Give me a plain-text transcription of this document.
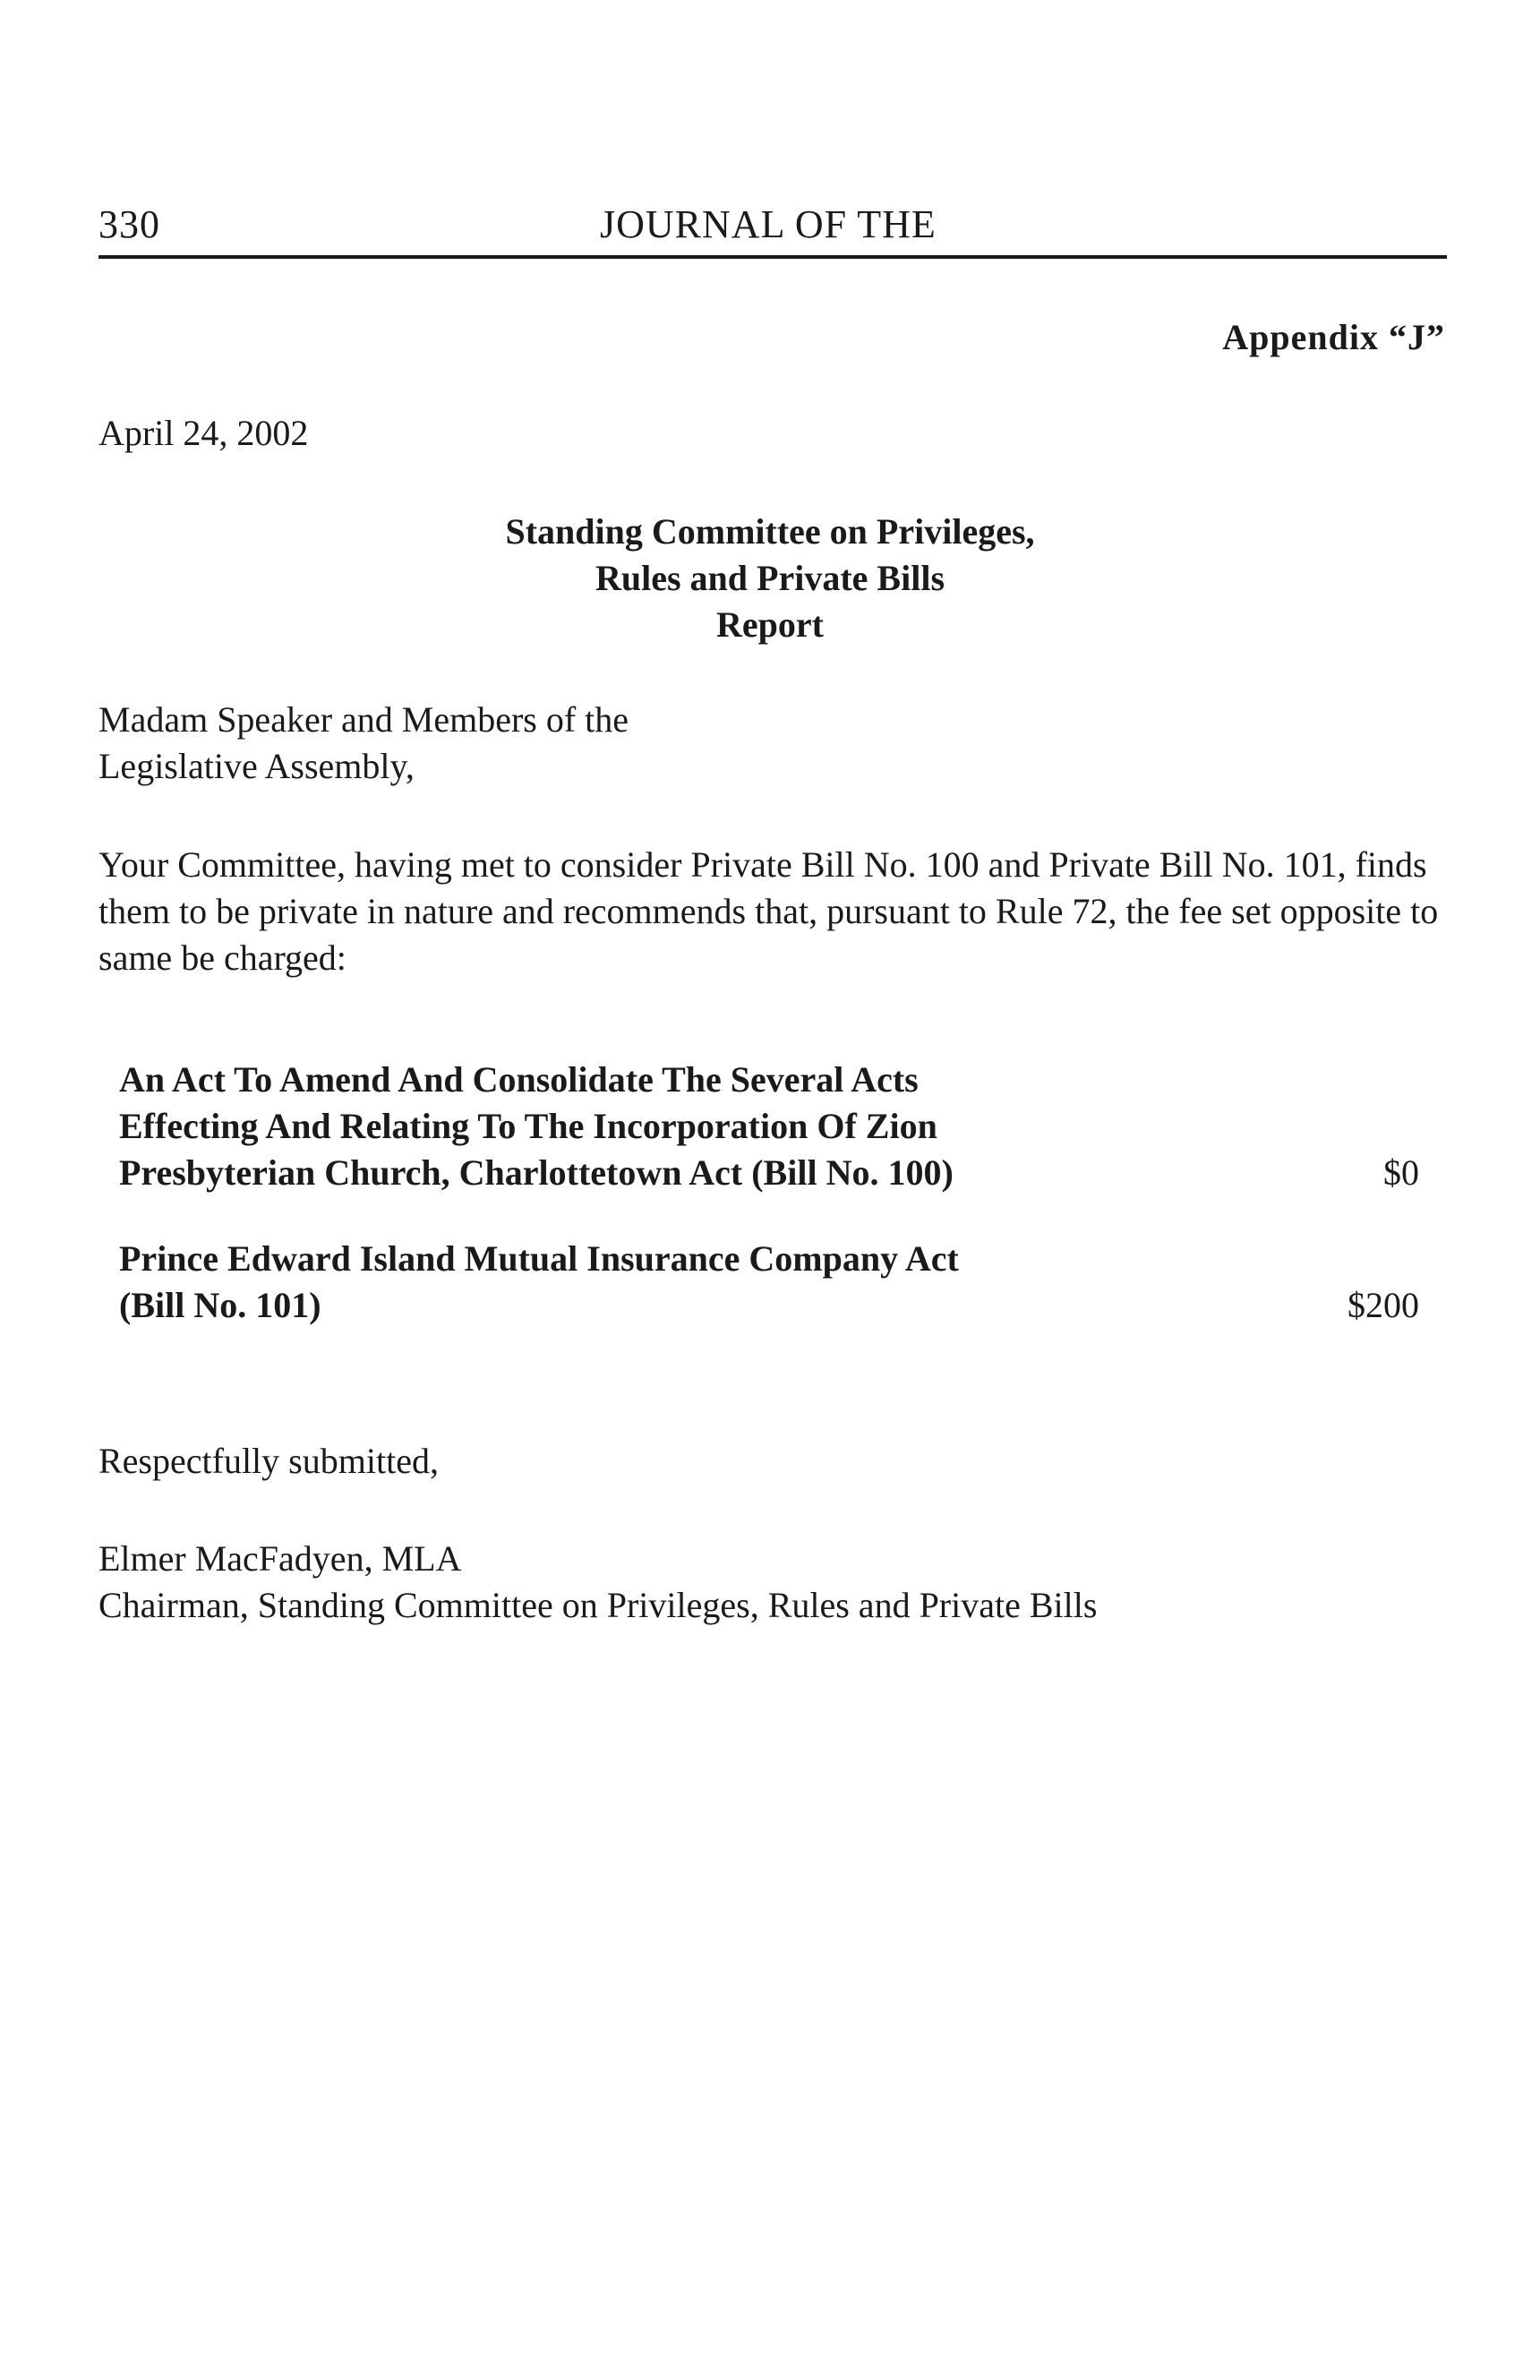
330	JOURNAL OF THE
Appendix “J”
April 24, 2002
Standing Committee on Privileges,
Rules and Private Bills
Report
Madam Speaker and Members of the
Legislative Assembly,
Your Committee, having met to consider Private Bill No. 100 and Private Bill No. 101, finds them to be private in nature and recommends that, pursuant to Rule 72, the fee set opposite to same be charged:
An Act To Amend And Consolidate The Several Acts
Effecting And Relating To The Incorporation Of Zion
Presbyterian Church, Charlottetown Act (Bill No. 100)	$0
Prince Edward Island Mutual Insurance Company Act
(Bill No. 101)	$200
Respectfully submitted,
Elmer MacFadyen, MLA
Chairman, Standing Committee on Privileges, Rules and Private Bills
